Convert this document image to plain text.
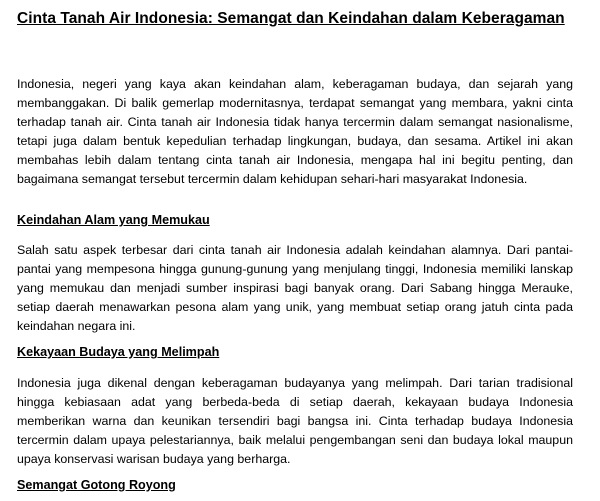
Cinta Tanah Air Indonesia: Semangat dan Keindahan dalam Keberagaman

Indonesia, negeri yang kaya akan keindahan alam, keberagaman budaya, dan sejarah yang membanggakan. Di balik gemerlap modernitasnya, terdapat semangat yang membara, yakni cinta terhadap tanah air. Cinta tanah air Indonesia tidak hanya tercermin dalam semangat nasionalisme, tetapi juga dalam bentuk kepedulian terhadap lingkungan, budaya, dan sesama. Artikel ini akan membahas lebih dalam tentang cinta tanah air Indonesia, mengapa hal ini begitu penting, dan bagaimana semangat tersebut tercermin dalam kehidupan sehari-hari masyarakat Indonesia.

Keindahan Alam yang Memukau

Salah satu aspek terbesar dari cinta tanah air Indonesia adalah keindahan alamnya. Dari pantai-pantai yang mempesona hingga gunung-gunung yang menjulang tinggi, Indonesia memiliki lanskap yang memukau dan menjadi sumber inspirasi bagi banyak orang. Dari Sabang hingga Merauke, setiap daerah menawarkan pesona alam yang unik, yang membuat setiap orang jatuh cinta pada keindahan negara ini.

Kekayaan Budaya yang Melimpah

Indonesia juga dikenal dengan keberagaman budayanya yang melimpah. Dari tarian tradisional hingga kebiasaan adat yang berbeda-beda di setiap daerah, kekayaan budaya Indonesia memberikan warna dan keunikan tersendiri bagi bangsa ini. Cinta terhadap budaya Indonesia tercermin dalam upaya pelestariannya, baik melalui pengembangan seni dan budaya lokal maupun upaya konservasi warisan budaya yang berharga.

Semangat Gotong Royong
